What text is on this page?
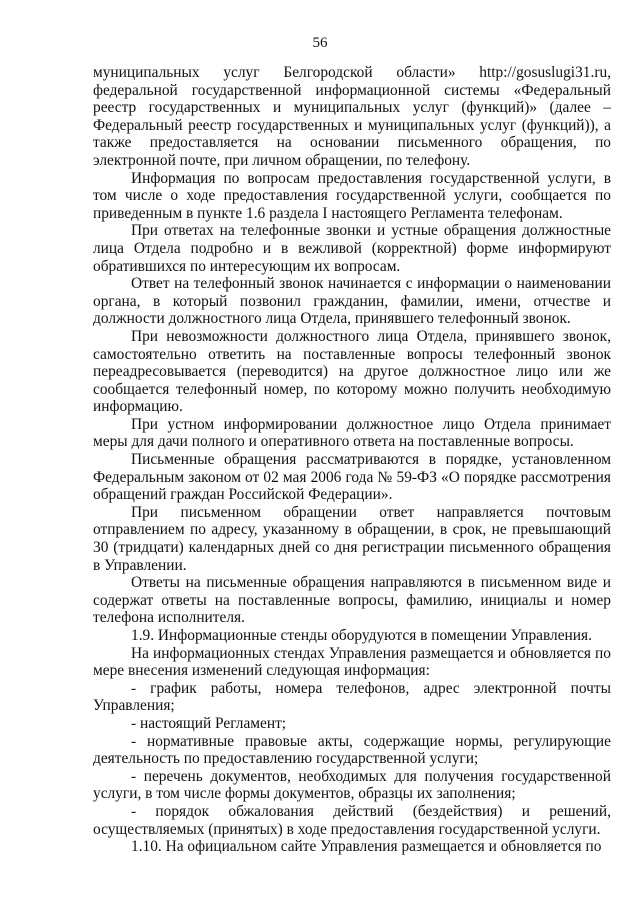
56

муниципальных услуг Белгородской области» http://gosuslugi31.ru, федеральной государственной информационной системы «Федеральный реестр государственных и муниципальных услуг (функций)» (далее – Федеральный реестр государственных и муниципальных услуг (функций)), а также предоставляется на основании письменного обращения, по электронной почте, при личном обращении, по телефону.

Информация по вопросам предоставления государственной услуги, в том числе о ходе предоставления государственной услуги, сообщается по приведенным в пункте 1.6 раздела I настоящего Регламента телефонам.

При ответах на телефонные звонки и устные обращения должностные лица Отдела подробно и в вежливой (корректной) форме информируют обратившихся по интересующим их вопросам.

Ответ на телефонный звонок начинается с информации о наименовании органа, в который позвонил гражданин, фамилии, имени, отчестве и должности должностного лица Отдела, принявшего телефонный звонок.

При невозможности должностного лица Отдела, принявшего звонок, самостоятельно ответить на поставленные вопросы телефонный звонок переадресовывается (переводится) на другое должностное лицо или же сообщается телефонный номер, по которому можно получить необходимую информацию.

При устном информировании должностное лицо Отдела принимает меры для дачи полного и оперативного ответа на поставленные вопросы.

Письменные обращения рассматриваются в порядке, установленном Федеральным законом от 02 мая 2006 года № 59-ФЗ «О порядке рассмотрения обращений граждан Российской Федерации».

При письменном обращении ответ направляется почтовым отправлением по адресу, указанному в обращении, в срок, не превышающий 30 (тридцати) календарных дней со дня регистрации письменного обращения в Управлении.

Ответы на письменные обращения направляются в письменном виде и содержат ответы на поставленные вопросы, фамилию, инициалы и номер телефона исполнителя.

1.9. Информационные стенды оборудуются в помещении Управления.

На информационных стендах Управления размещается и обновляется по мере внесения изменений следующая информация:

- график работы, номера телефонов, адрес электронной почты Управления;

- настоящий Регламент;

- нормативные правовые акты, содержащие нормы, регулирующие деятельность по предоставлению государственной услуги;

- перечень документов, необходимых для получения государственной услуги, в том числе формы документов, образцы их заполнения;

- порядок обжалования действий (бездействия) и решений, осуществляемых (принятых) в ходе предоставления государственной услуги.

1.10. На официальном сайте Управления размещается и обновляется по
